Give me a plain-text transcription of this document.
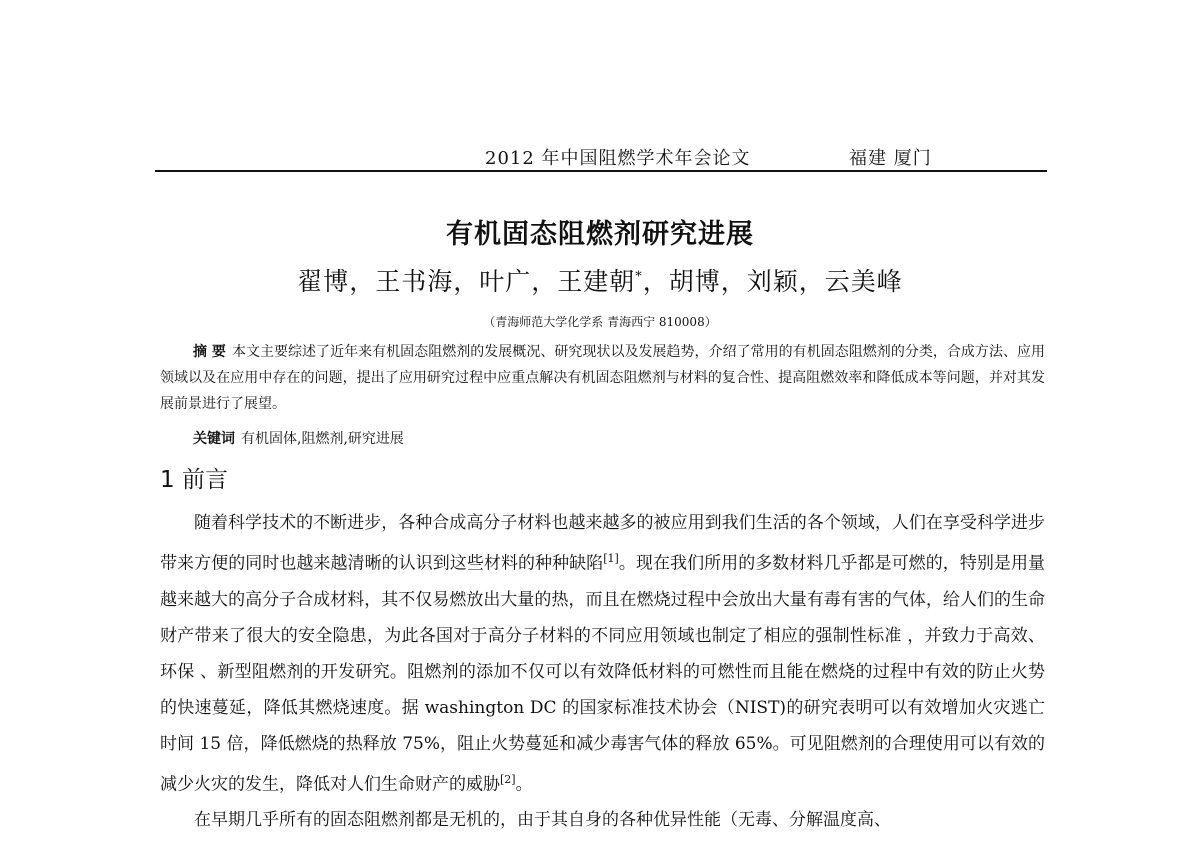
2012 年中国阻燃学术年会论文	福建 厦门
有机固态阻燃剂研究进展
翟博，王书海，叶广，王建朝*，胡博，刘颖，云美峰
（青海师范大学化学系 青海西宁 810008）
摘 要 本文主要综述了近年来有机固态阻燃剂的发展概况、研究现状以及发展趋势，介绍了常用的有机固态阻燃剂的分类，合成方法、应用领域以及在应用中存在的问题，提出了应用研究过程中应重点解决有机固态阻燃剂与材料的复合性、提高阻燃效率和降低成本等问题，并对其发展前景进行了展望。
关键词 有机固体,阻燃剂,研究进展
1 前言

随着科学技术的不断进步，各种合成高分子材料也越来越多的被应用到我们生活的各个领域，人们在享受科学进步带来方便的同时也越来越清晰的认识到这些材料的种种缺陷[1]。现在我们所用的多数材料几乎都是可燃的，特别是用量越来越大的高分子合成材料，其不仅易燃放出大量的热，而且在燃烧过程中会放出大量有毒有害的气体，给人们的生命财产带来了很大的安全隐患，为此各国对于高分子材料的不同应用领域也制定了相应的强制性标准 ，并致力于高效、环保 、新型阻燃剂的开发研究。阻燃剂的添加不仅可以有效降低材料的可燃性而且能在燃烧的过程中有效的防止火势的快速蔓延，降低其燃烧速度。据 washington DC 的国家标准技术协会（NIST)的研究表明可以有效增加火灾逃亡时间 15 倍，降低燃烧的热释放 75%，阻止火势蔓延和减少毒害气体的释放 65%。可见阻燃剂的合理使用可以有效的减少火灾的发生，降低对人们生命财产的威胁[2]。

在早期几乎所有的固态阻燃剂都是无机的，由于其自身的各种优异性能（无毒、分解温度高、
